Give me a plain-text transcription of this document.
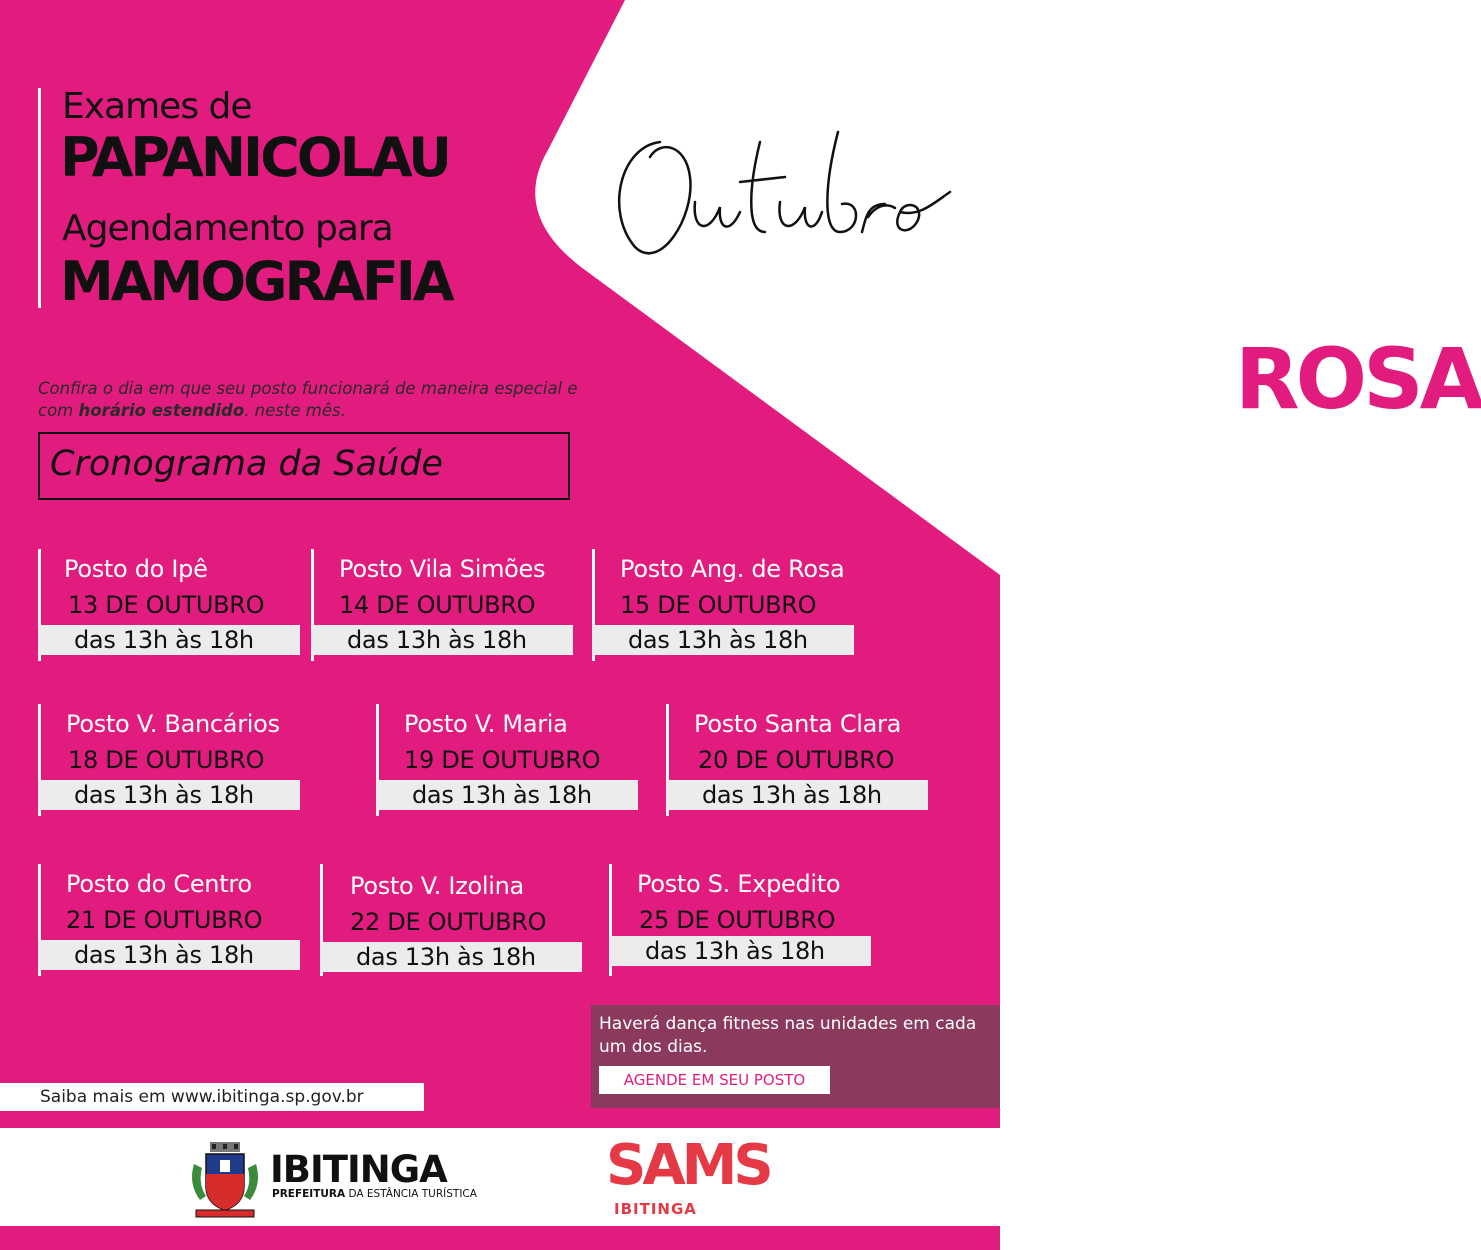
Exames de
PAPANICOLAU
Agendamento para
MAMOGRAFIA
ROSA
Confira o dia em que seu posto funcionará de maneira especial e com horário estendido. neste mês.
Cronograma da Saúde
Posto do Ipê
13 DE OUTUBRO
das 13h às 18h
Posto Vila Simões
14 DE OUTUBRO
das 13h às 18h
Posto Ang. de Rosa
15 DE OUTUBRO
das 13h às 18h
Posto V. Bancários
18 DE OUTUBRO
das 13h às 18h
Posto V. Maria
19 DE OUTUBRO
das 13h às 18h
Posto Santa Clara
20 DE OUTUBRO
das 13h às 18h
Posto do Centro
21 DE OUTUBRO
das 13h às 18h
Posto V. Izolina
22 DE OUTUBRO
das 13h às 18h
Posto S. Expedito
25 DE OUTUBRO
das 13h às 18h
Haverá dança fitness nas unidades em cada um dos dias.
AGENDE EM SEU POSTO
Saiba mais em www.ibitinga.sp.gov.br
IBITINGA
PREFEITURA DA ESTÂNCIA TURÍSTICA SAMS
IBITINGA
